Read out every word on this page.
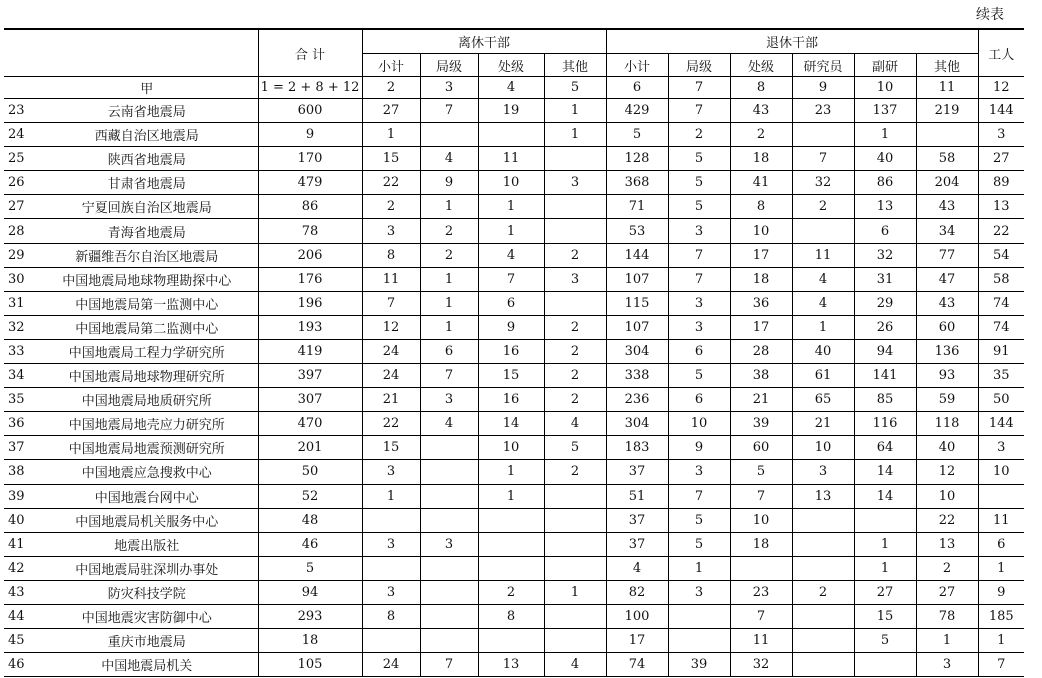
续表
		合 计	离休干部				退休干部						工人
			小计	局级	处级	其他	小计	局级	处级	研究员	副研	其他	
	甲	1 = 2 + 8 + 12	2	3	4	5	6	7	8	9	10	11	12
23	云南省地震局	600	27	7	19	1	429	7	43	23	137	219	144
24	西藏自治区地震局	9	1			1	5	2	2		1		3
25	陕西省地震局	170	15	4	11		128	5	18	7	40	58	27
26	甘肃省地震局	479	22	9	10	3	368	5	41	32	86	204	89
27	宁夏回族自治区地震局	86	2	1	1		71	5	8	2	13	43	13
28	青海省地震局	78	3	2	1		53	3	10		6	34	22
29	新疆维吾尔自治区地震局	206	8	2	4	2	144	7	17	11	32	77	54
30	中国地震局地球物理勘探中心	176	11	1	7	3	107	7	18	4	31	47	58
31	中国地震局第一监测中心	196	7	1	6		115	3	36	4	29	43	74
32	中国地震局第二监测中心	193	12	1	9	2	107	3	17	1	26	60	74
33	中国地震局工程力学研究所	419	24	6	16	2	304	6	28	40	94	136	91
34	中国地震局地球物理研究所	397	24	7	15	2	338	5	38	61	141	93	35
35	中国地震局地质研究所	307	21	3	16	2	236	6	21	65	85	59	50
36	中国地震局地壳应力研究所	470	22	4	14	4	304	10	39	21	116	118	144
37	中国地震局地震预测研究所	201	15		10	5	183	9	60	10	64	40	3
38	中国地震应急搜救中心	50	3		1	2	37	3	5	3	14	12	10
39	中国地震台网中心	52	1		1		51	7	7	13	14	10	
40	中国地震局机关服务中心	48					37	5	10			22	11
41	地震出版社	46	3	3			37	5	18		1	13	6
42	中国地震局驻深圳办事处	5					4	1			1	2	1
43	防灾科技学院	94	3		2	1	82	3	23	2	27	27	9
44	中国地震灾害防御中心	293	8		8		100		7		15	78	185
45	重庆市地震局	18					17		11		5	1	1
46	中国地震局机关	105	24	7	13	4	74	39	32			3	7
